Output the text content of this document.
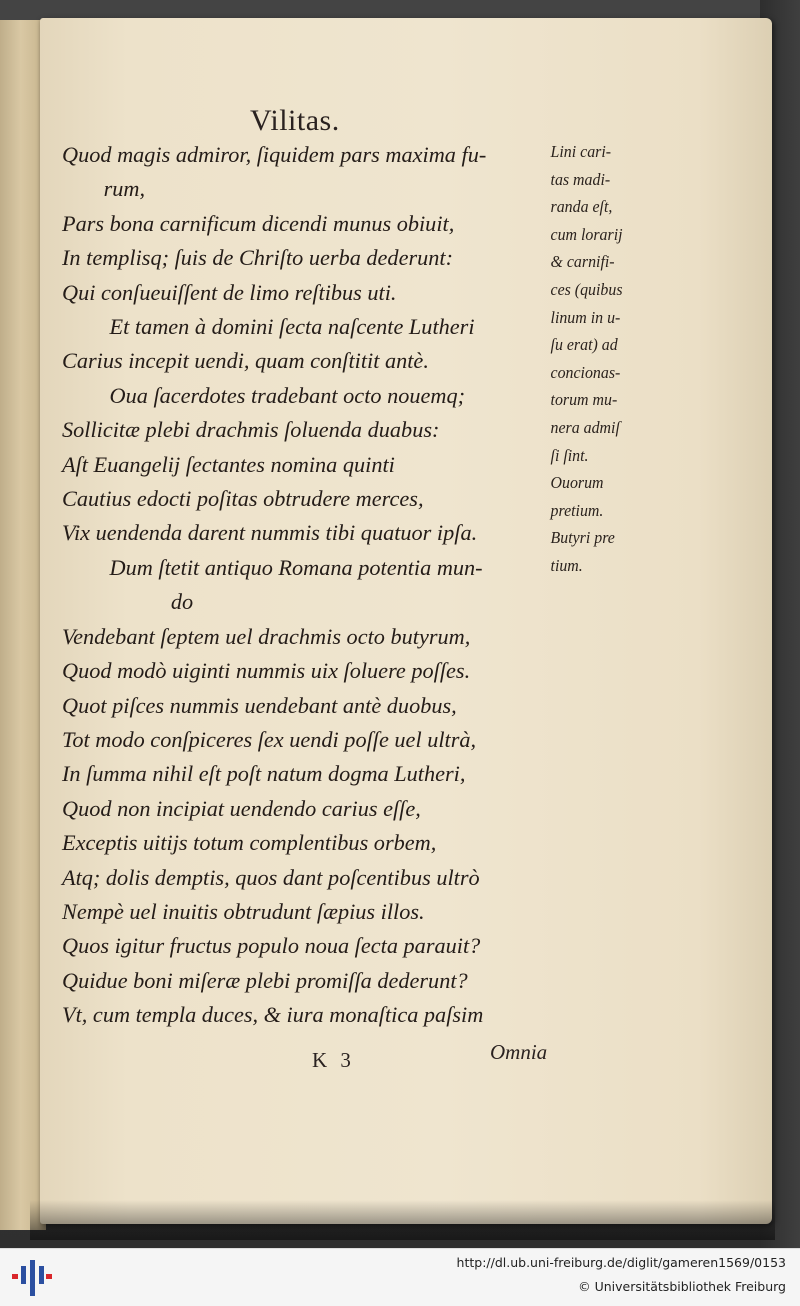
Vilitas.
Quod magis admiror, ſiquidem pars maxima fu-
rum,
Pars bona carnificum dicendi munus obiuit,
In templisq; ſuis de Chriſto uerba dederunt:
Qui conſueuiſſent de limo reſtibus uti.
Et tamen à domini ſecta naſcente Lutheri
Carius incepit uendi, quam conſtitit antè.
Oua ſacerdotes tradebant octo nouemq;
Sollicitæ plebi drachmis ſoluenda duabus:
Aſt Euangelij ſectantes nomina quinti
Cautius edocti poſitas obtrudere merces,
Vix uendenda darent nummis tibi quatuor ipſa.
Dum ſtetit antiquo Romana potentia mun-
do
Vendebant ſeptem uel drachmis octo butyrum,
Quod modò uiginti nummis uix ſoluere poſſes.
Quot piſces nummis uendebant antè duobus,
Tot modo conſpiceres ſex uendi poſſe uel ultrà,
In ſumma nihil eſt poſt natum dogma Lutheri,
Quod non incipiat uendendo carius eſſe,
Exceptis uitijs totum complentibus orbem,
Atq; dolis demptis, quos dant poſcentibus ultrò
Nempè uel inuitis obtrudunt ſæpius illos.
Quos igitur fructus populo noua ſecta parauit?
Quidue boni miſeræ plebi promiſſa dederunt?
Vt, cum templa duces, & iura monaſtica paſsim
Lini cari-
tas madi-
randa eſt,
cum lorarij
& carnifi-
ces (quibus
linum in u-
ſu erat) ad
concionas-
torum mu-
nera admiſ
ſi ſint.
Ouorum
pretium.
Butyri pre
tium.
K 3	Omnia
http://dl.ub.uni-freiburg.de/diglit/gameren1569/0153
© Universitätsbibliothek Freiburg
